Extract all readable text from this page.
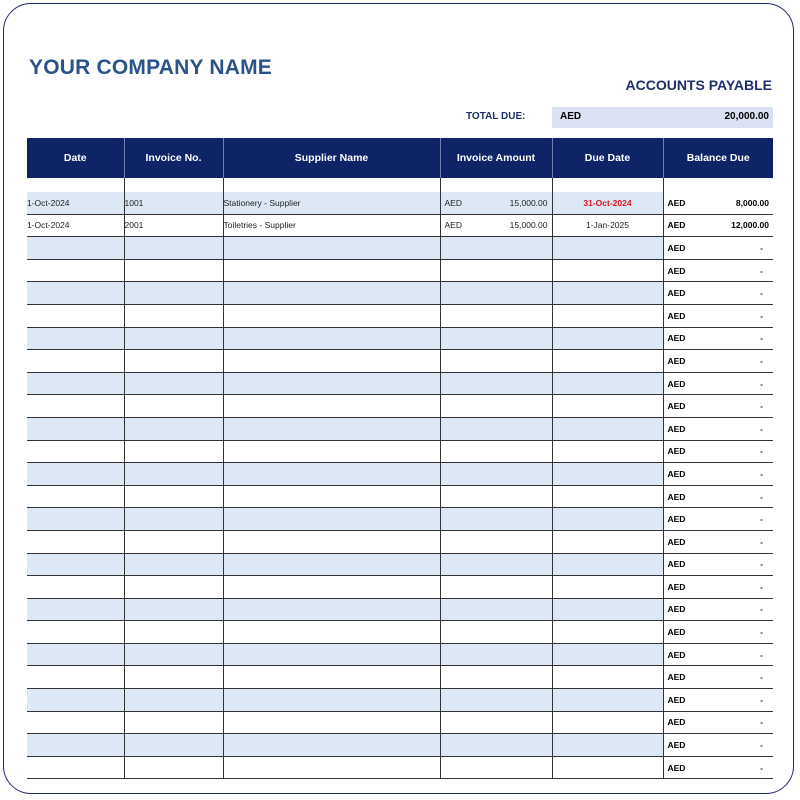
YOUR COMPANY NAME
ACCOUNTS PAYABLE
TOTAL DUE:	AED	20,000.00
Date	Invoice No.	Supplier Name	Invoice Amount	Due Date	Balance Due

1-Oct-2024	1001	Stationery - Supplier	AED 15,000.00	31-Oct-2024	AED 8,000.00

1-Oct-2024	2001	Toiletries - Supplier	AED 15,000.00	1-Jan-2025	AED 12,000.00

					AED -

					AED -

					AED -

					AED -

					AED -

					AED -

					AED -

					AED -

					AED -

					AED -

					AED -

					AED -

					AED -

					AED -

					AED -

					AED -

					AED -

					AED -

					AED -

					AED -

					AED -

					AED -

					AED -

					AED -
